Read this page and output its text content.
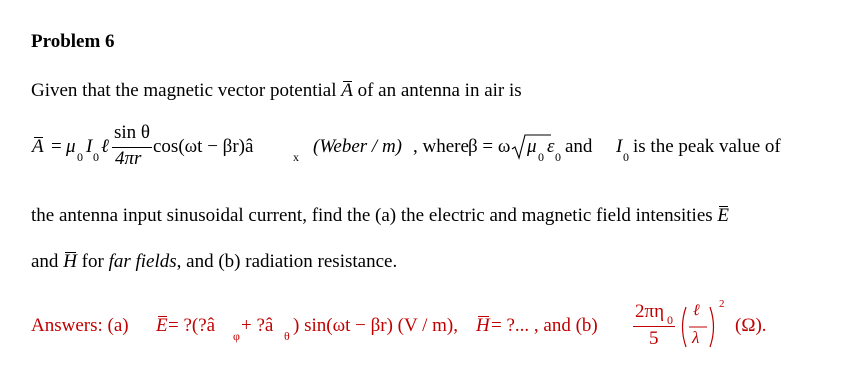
Problem 6
Given that the magnetic vector potential A of an antenna in air is
A = μ 0 I 0 ℓ
sin θ
4πr
cos(ωt − βr)â	x (Weber / m) , where β = ω μ 0 ε 0 and I 0 is the peak value of
the antenna input sinusoidal current, find the (a) the electric and magnetic field intensities E
and H for far fields, and (b) radiation resistance.
Answers: (a) E = ?(?â φ + ?â θ ) sin(ωt − βr) (V / m), H = ?... , and (b)
2πη 0
5
ℓ
λ
2
(Ω).
